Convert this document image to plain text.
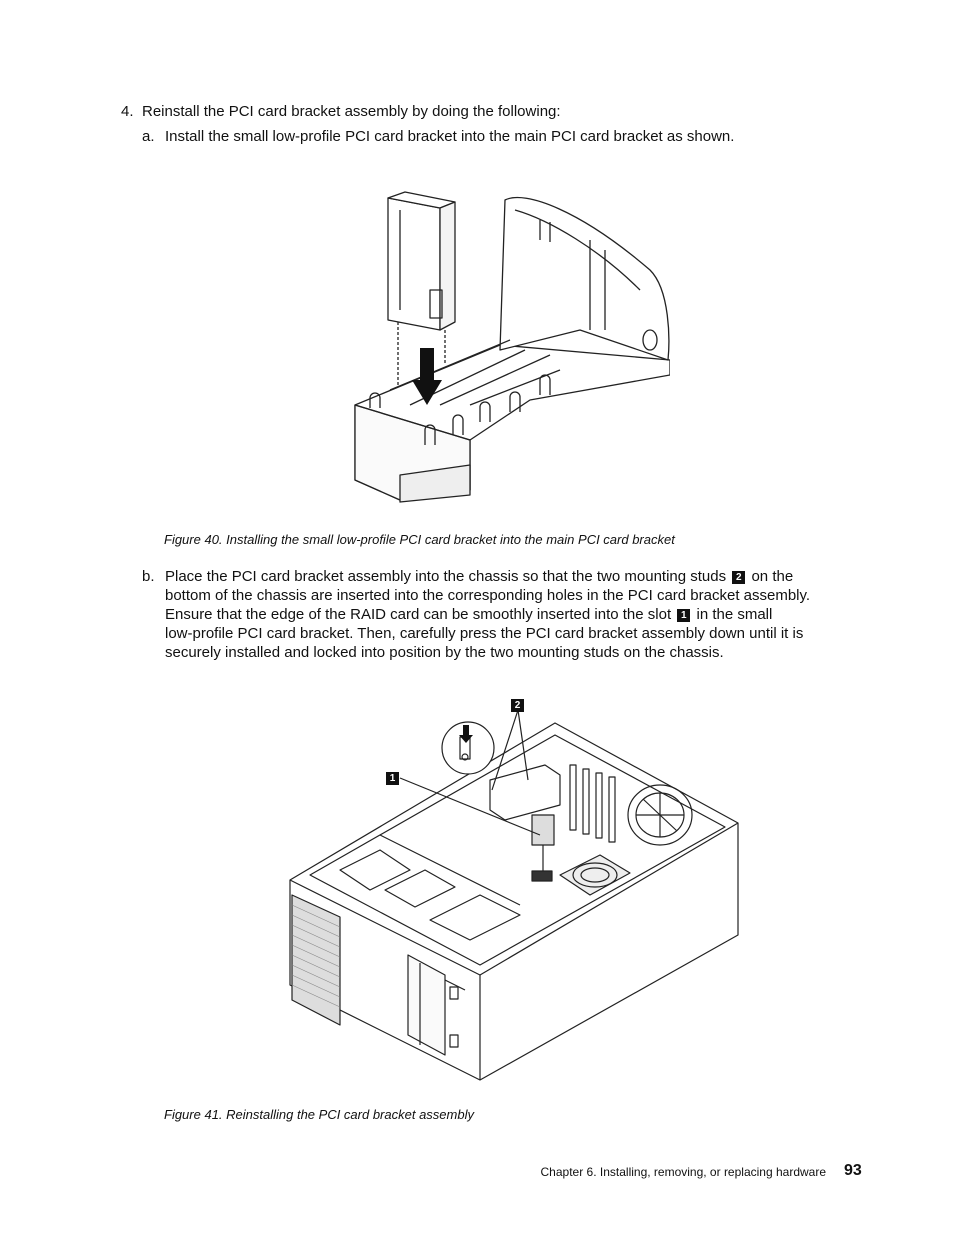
4. Reinstall the PCI card bracket assembly by doing the following:
a. Install the small low-profile PCI card bracket into the main PCI card bracket as shown.
Figure 40. Installing the small low-profile PCI card bracket into the main PCI card bracket
b. Place the PCI card bracket assembly into the chassis so that the two mounting studs 2 on the
bottom of the chassis are inserted into the corresponding holes in the PCI card bracket assembly.
Ensure that the edge of the RAID card can be smoothly inserted into the slot 1 in the small
low-profile PCI card bracket. Then, carefully press the PCI card bracket assembly down until it is
securely installed and locked into position by the two mounting studs on the chassis.
2
1
Figure 41. Reinstalling the PCI card bracket assembly
Chapter 6. Installing, removing, or replacing hardware 93
